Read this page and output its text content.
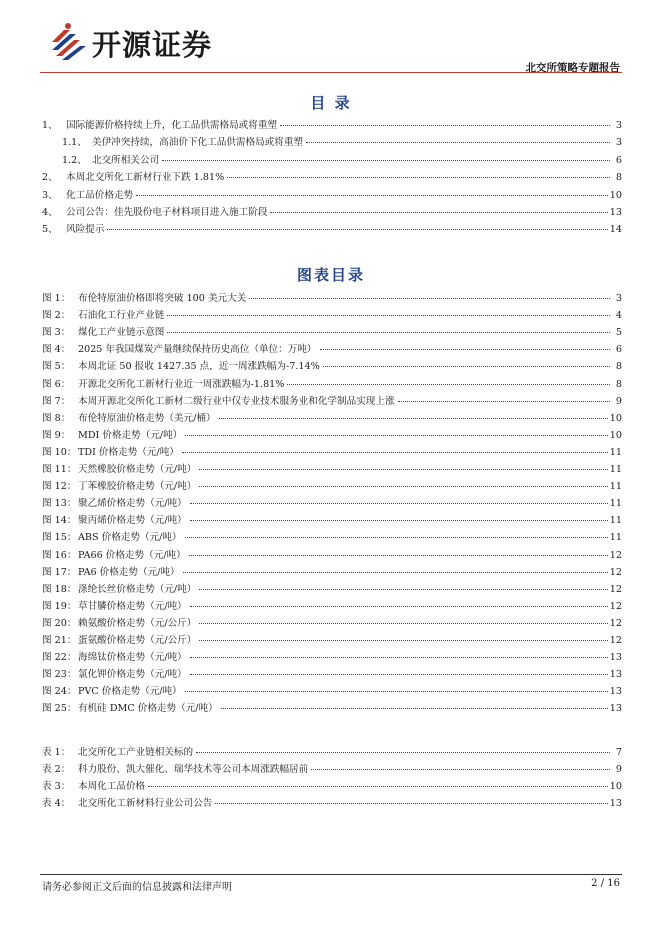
开源证券
北交所策略专题报告
目 录
1、 国际能源价格持续上升，化工品供需格局或将重塑	3
1.1、 美伊冲突持续，高油价下化工品供需格局或将重塑	3
1.2、 北交所相关公司	6
2、 本周北交所化工新材行业下跌 1.81%	8
3、 化工品价格走势	10
4、 公司公告：佳先股份电子材料项目进入施工阶段	13
5、 风险提示	14
图表目录
图 1： 布伦特原油价格即将突破 100 美元大关	3
图 2： 石油化工行业产业链	4
图 3： 煤化工产业链示意图	5
图 4： 2025 年我国煤炭产量继续保持历史高位（单位：万吨）	6
图 5： 本周北证 50 报收 1427.35 点，近一周涨跌幅为-7.14%	8
图 6： 开源北交所化工新材行业近一周涨跌幅为-1.81%	8
图 7： 本周开源北交所化工新材二级行业中仅专业技术服务业和化学制品实现上涨	9
图 8： 布伦特原油价格走势（美元/桶）	10
图 9： MDI 价格走势（元/吨）	10
图 10： TDI 价格走势（元/吨）	11
图 11： 天然橡胶价格走势（元/吨）	11
图 12： 丁苯橡胶价格走势（元/吨）	11
图 13： 聚乙烯价格走势（元/吨）	11
图 14： 聚丙烯价格走势（元/吨）	11
图 15： ABS 价格走势（元/吨）	11
图 16： PA66 价格走势（元/吨）	12
图 17： PA6 价格走势（元/吨）	12
图 18： 涤纶长丝价格走势（元/吨）	12
图 19： 草甘膦价格走势（元/吨）	12
图 20： 赖氨酸价格走势（元/公斤）	12
图 21： 蛋氨酸价格走势（元/公斤）	12
图 22： 海绵钛价格走势（元/吨）	13
图 23： 氯化钾价格走势（元/吨）	13
图 24： PVC 价格走势（元/吨）	13
图 25： 有机硅 DMC 价格走势（元/吨）	13
表 1： 北交所化工产业链相关标的	7
表 2： 科力股份、凯大催化、瑞华技术等公司本周涨跌幅居前	9
表 3： 本周化工品价格	10
表 4： 北交所化工新材料行业公司公告	13
请务必参阅正文后面的信息披露和法律声明	2 / 16
